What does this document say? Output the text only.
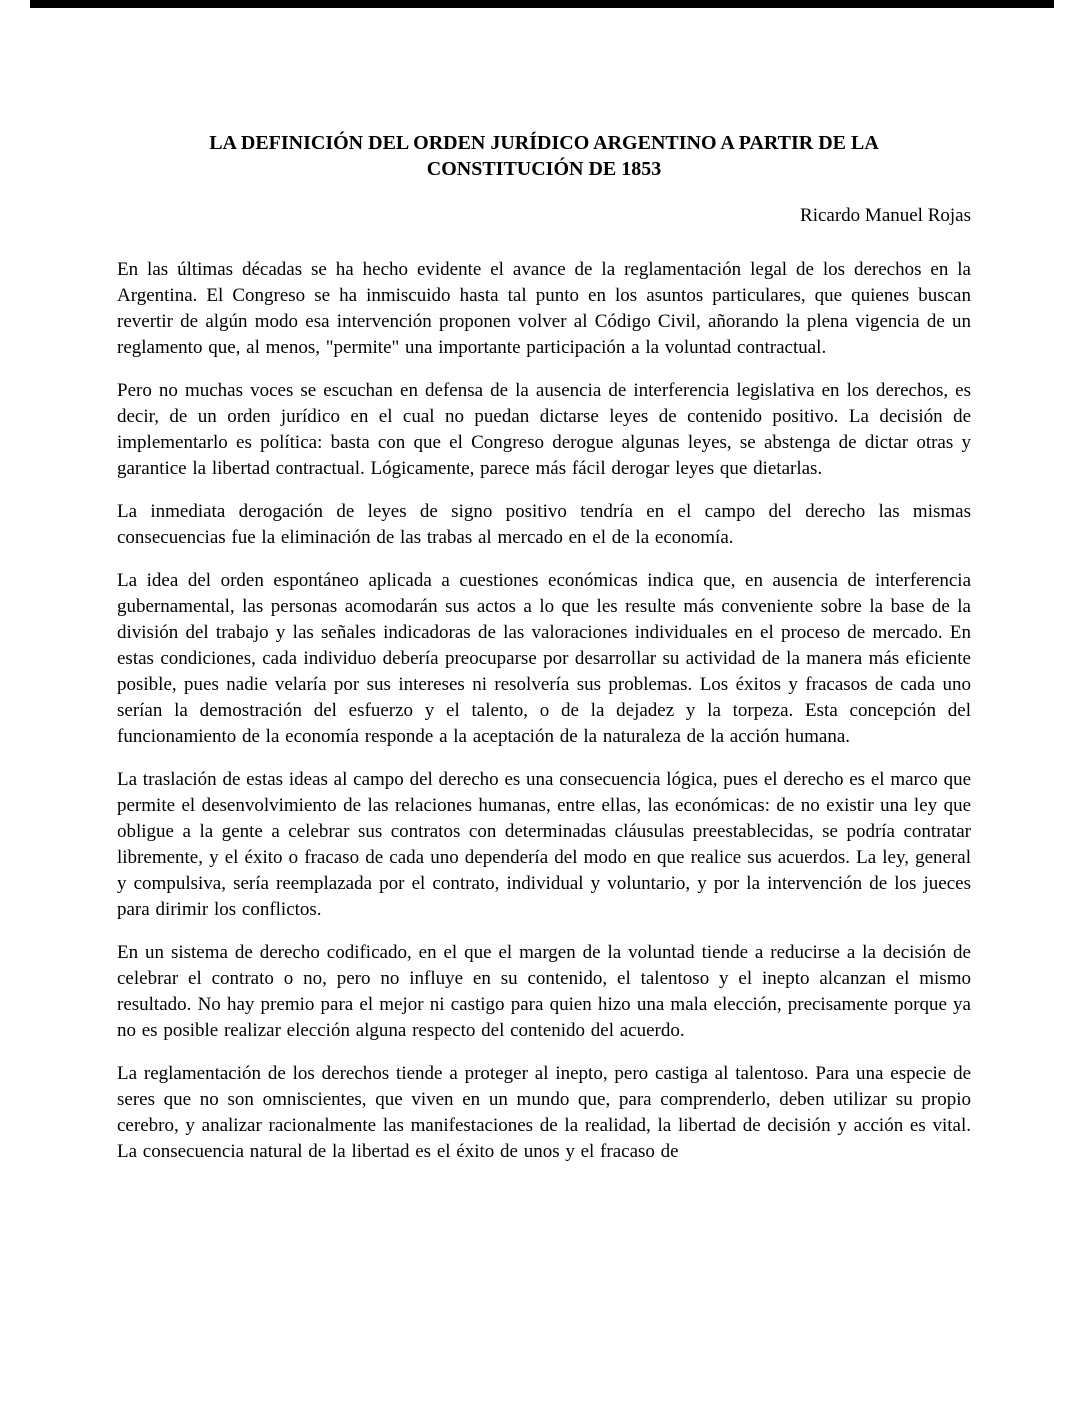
LA DEFINICIÓN DEL ORDEN JURÍDICO ARGENTINO A PARTIR DE LA
CONSTITUCIÓN DE 1853
Ricardo Manuel Rojas

En las últimas décadas se ha hecho evidente el avance de la reglamentación legal de los derechos en la Argentina. El Congreso se ha inmiscuido hasta tal punto en los asuntos particulares, que quienes buscan revertir de algún modo esa intervención proponen volver al Código Civil, añorando la plena vigencia de un reglamento que, al menos, "permite" una importante participación a la voluntad contractual.

Pero no muchas voces se escuchan en defensa de la ausencia de interferencia legislativa en los derechos, es decir, de un orden jurídico en el cual no puedan dictarse leyes de contenido positivo. La decisión de implementarlo es política: basta con que el Congreso derogue algunas leyes, se abstenga de dictar otras y garantice la libertad contractual. Lógicamente, parece más fácil derogar leyes que dietarlas.

La inmediata derogación de leyes de signo positivo tendría en el campo del derecho las mismas consecuencias fue la eliminación de las trabas al mercado en el de la economía.

La idea del orden espontáneo aplicada a cuestiones económicas indica que, en ausencia de interferencia gubernamental, las personas acomodarán sus actos a lo que les resulte más conveniente sobre la base de la división del trabajo y las señales indicadoras de las valoraciones individuales en el proceso de mercado. En estas condiciones, cada individuo debería preocuparse por desarrollar su actividad de la manera más eficiente posible, pues nadie velaría por sus intereses ni resolvería sus problemas. Los éxitos y fracasos de cada uno serían la demostración del esfuerzo y el talento, o de la dejadez y la torpeza. Esta concepción del funcionamiento de la economía responde a la aceptación de la naturaleza de la acción humana.

La traslación de estas ideas al campo del derecho es una consecuencia lógica, pues el derecho es el marco que permite el desenvolvimiento de las relaciones humanas, entre ellas, las económicas: de no existir una ley que obligue a la gente a celebrar sus contratos con determinadas cláusulas preestablecidas, se podría contratar libremente, y el éxito o fracaso de cada uno dependería del modo en que realice sus acuerdos. La ley, general y compulsiva, sería reemplazada por el contrato, individual y voluntario, y por la intervención de los jueces para dirimir los conflictos.

En un sistema de derecho codificado, en el que el margen de la voluntad tiende a reducirse a la decisión de celebrar el contrato o no, pero no influye en su contenido, el talentoso y el inepto alcanzan el mismo resultado. No hay premio para el mejor ni castigo para quien hizo una mala elección, precisamente porque ya no es posible realizar elección alguna respecto del contenido del acuerdo.

La reglamentación de los derechos tiende a proteger al inepto, pero castiga al talentoso. Para una especie de seres que no son omniscientes, que viven en un mundo que, para comprenderlo, deben utilizar su propio cerebro, y analizar racionalmente las manifestaciones de la realidad, la libertad de decisión y acción es vital. La consecuencia natural de la libertad es el éxito de unos y el fracaso de
